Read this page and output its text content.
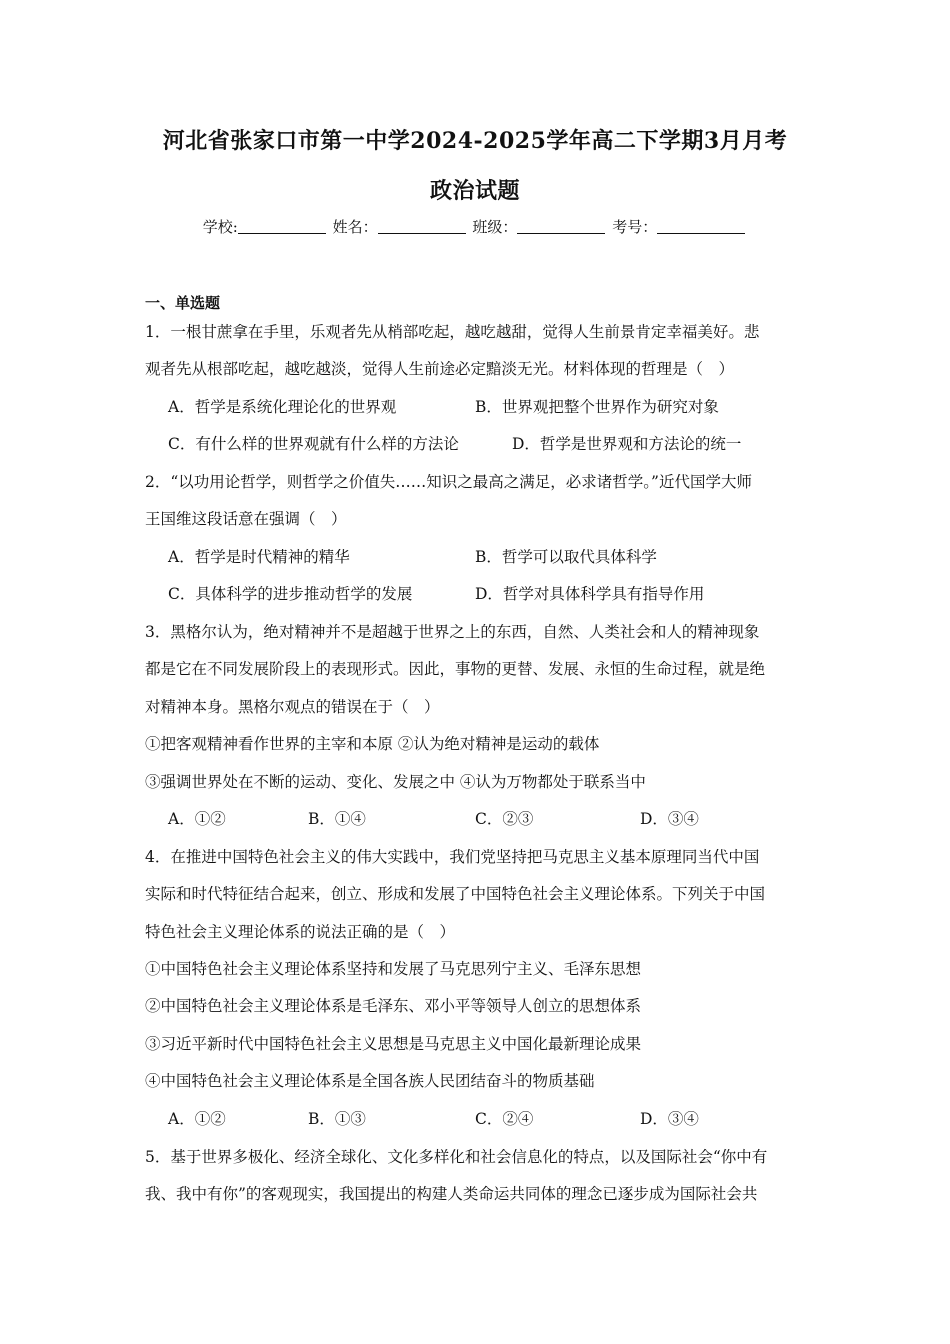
河北省张家口市第一中学2024-2025学年高二下学期3月月考
政治试题
学校:	姓名：	班级：	考号：
一、单选题
1．一根甘蔗拿在手里，乐观者先从梢部吃起，越吃越甜，觉得人生前景肯定幸福美好。悲
观者先从根部吃起，越吃越淡，觉得人生前途必定黯淡无光。材料体现的哲理是（　）
A．哲学是系统化理论化的世界观	B．世界观把整个世界作为研究对象
C．有什么样的世界观就有什么样的方法论	D．哲学是世界观和方法论的统一
2．“以功用论哲学，则哲学之价值失……知识之最高之满足，必求诸哲学。”近代国学大师
王国维这段话意在强调（　）
A．哲学是时代精神的精华	B．哲学可以取代具体科学
C．具体科学的进步推动哲学的发展	D．哲学对具体科学具有指导作用
3．黑格尔认为，绝对精神并不是超越于世界之上的东西，自然、人类社会和人的精神现象
都是它在不同发展阶段上的表现形式。因此，事物的更替、发展、永恒的生命过程，就是绝
对精神本身。黑格尔观点的错误在于（　）
①把客观精神看作世界的主宰和本原 ②认为绝对精神是运动的载体
③强调世界处在不断的运动、变化、发展之中 ④认为万物都处于联系当中
A．①②	B．①④	C．②③	D．③④
4．在推进中国特色社会主义的伟大实践中，我们党坚持把马克思主义基本原理同当代中国
实际和时代特征结合起来，创立、形成和发展了中国特色社会主义理论体系。下列关于中国
特色社会主义理论体系的说法正确的是（　）
①中国特色社会主义理论体系坚持和发展了马克思列宁主义、毛泽东思想
②中国特色社会主义理论体系是毛泽东、邓小平等领导人创立的思想体系
③习近平新时代中国特色社会主义思想是马克思主义中国化最新理论成果
④中国特色社会主义理论体系是全国各族人民团结奋斗的物质基础
A．①②	B．①③	C．②④	D．③④
5．基于世界多极化、经济全球化、文化多样化和社会信息化的特点，以及国际社会“你中有
我、我中有你”的客观现实，我国提出的构建人类命运共同体的理念已逐步成为国际社会共
